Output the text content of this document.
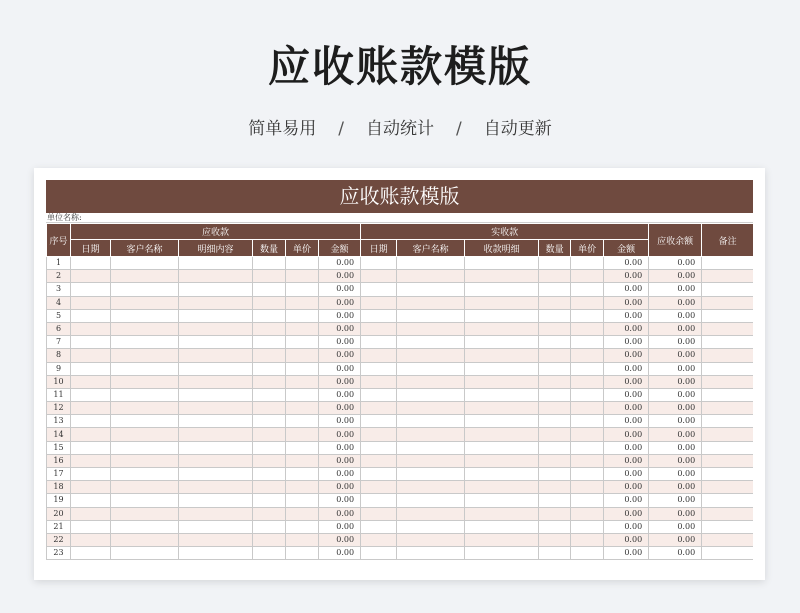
应收账款模版
简单易用 / 自动统计 / 自动更新
应收账款模版
单位名称:
序号	应收款						实收款						应收余额	备注
	日期	客户名称	明细内容	数量	单价	金额	日期	客户名称	收款明细	数量	单价	金额		
1						0.00						0.00	0.00	
2						0.00						0.00	0.00	
3						0.00						0.00	0.00	
4						0.00						0.00	0.00	
5						0.00						0.00	0.00	
6						0.00						0.00	0.00	
7						0.00						0.00	0.00	
8						0.00						0.00	0.00	
9						0.00						0.00	0.00	
10						0.00						0.00	0.00	
11						0.00						0.00	0.00	
12						0.00						0.00	0.00	
13						0.00						0.00	0.00	
14						0.00						0.00	0.00	
15						0.00						0.00	0.00	
16						0.00						0.00	0.00	
17						0.00						0.00	0.00	
18						0.00						0.00	0.00	
19						0.00						0.00	0.00	
20						0.00						0.00	0.00	
21						0.00						0.00	0.00	
22						0.00						0.00	0.00	
23						0.00						0.00	0.00	
